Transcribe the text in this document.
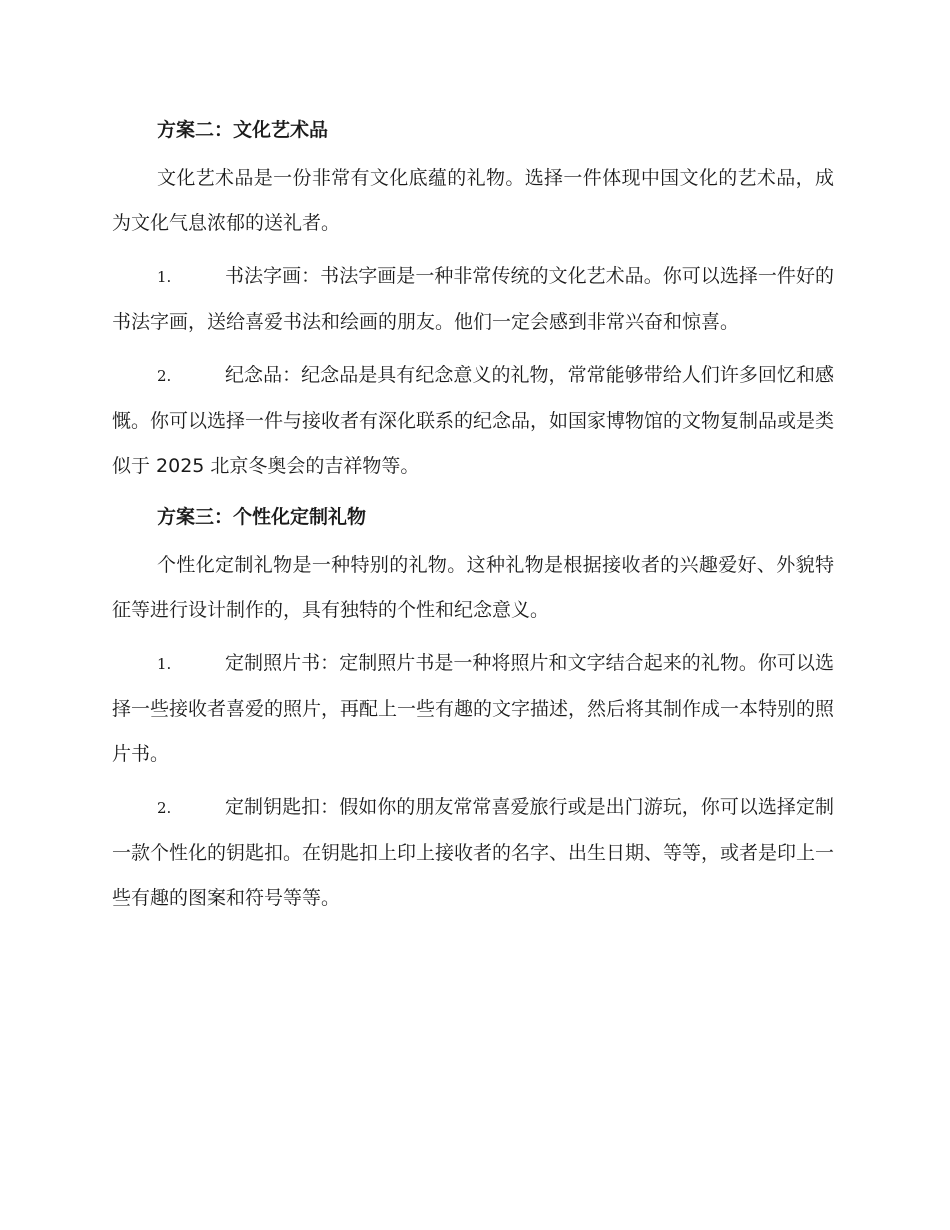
方案二：文化艺术品

文化艺术品是一份非常有文化底蕴的礼物。选择一件体现中国文化的艺术品，成为文化气息浓郁的送礼者。

1.	书法字画：书法字画是一种非常传统的文化艺术品。你可以选择一件好的书法字画，送给喜爱书法和绘画的朋友。他们一定会感到非常兴奋和惊喜。

2.	纪念品：纪念品是具有纪念意义的礼物，常常能够带给人们许多回忆和感慨。你可以选择一件与接收者有深化联系的纪念品，如国家博物馆的文物复制品或是类似于 2025 北京冬奥会的吉祥物等。

方案三：个性化定制礼物

个性化定制礼物是一种特别的礼物。这种礼物是根据接收者的兴趣爱好、外貌特征等进行设计制作的，具有独特的个性和纪念意义。

1.	定制照片书：定制照片书是一种将照片和文字结合起来的礼物。你可以选择一些接收者喜爱的照片，再配上一些有趣的文字描述，然后将其制作成一本特别的照片书。

2.	定制钥匙扣：假如你的朋友常常喜爱旅行或是出门游玩，你可以选择定制一款个性化的钥匙扣。在钥匙扣上印上接收者的名字、出生日期、等等，或者是印上一些有趣的图案和符号等等。
